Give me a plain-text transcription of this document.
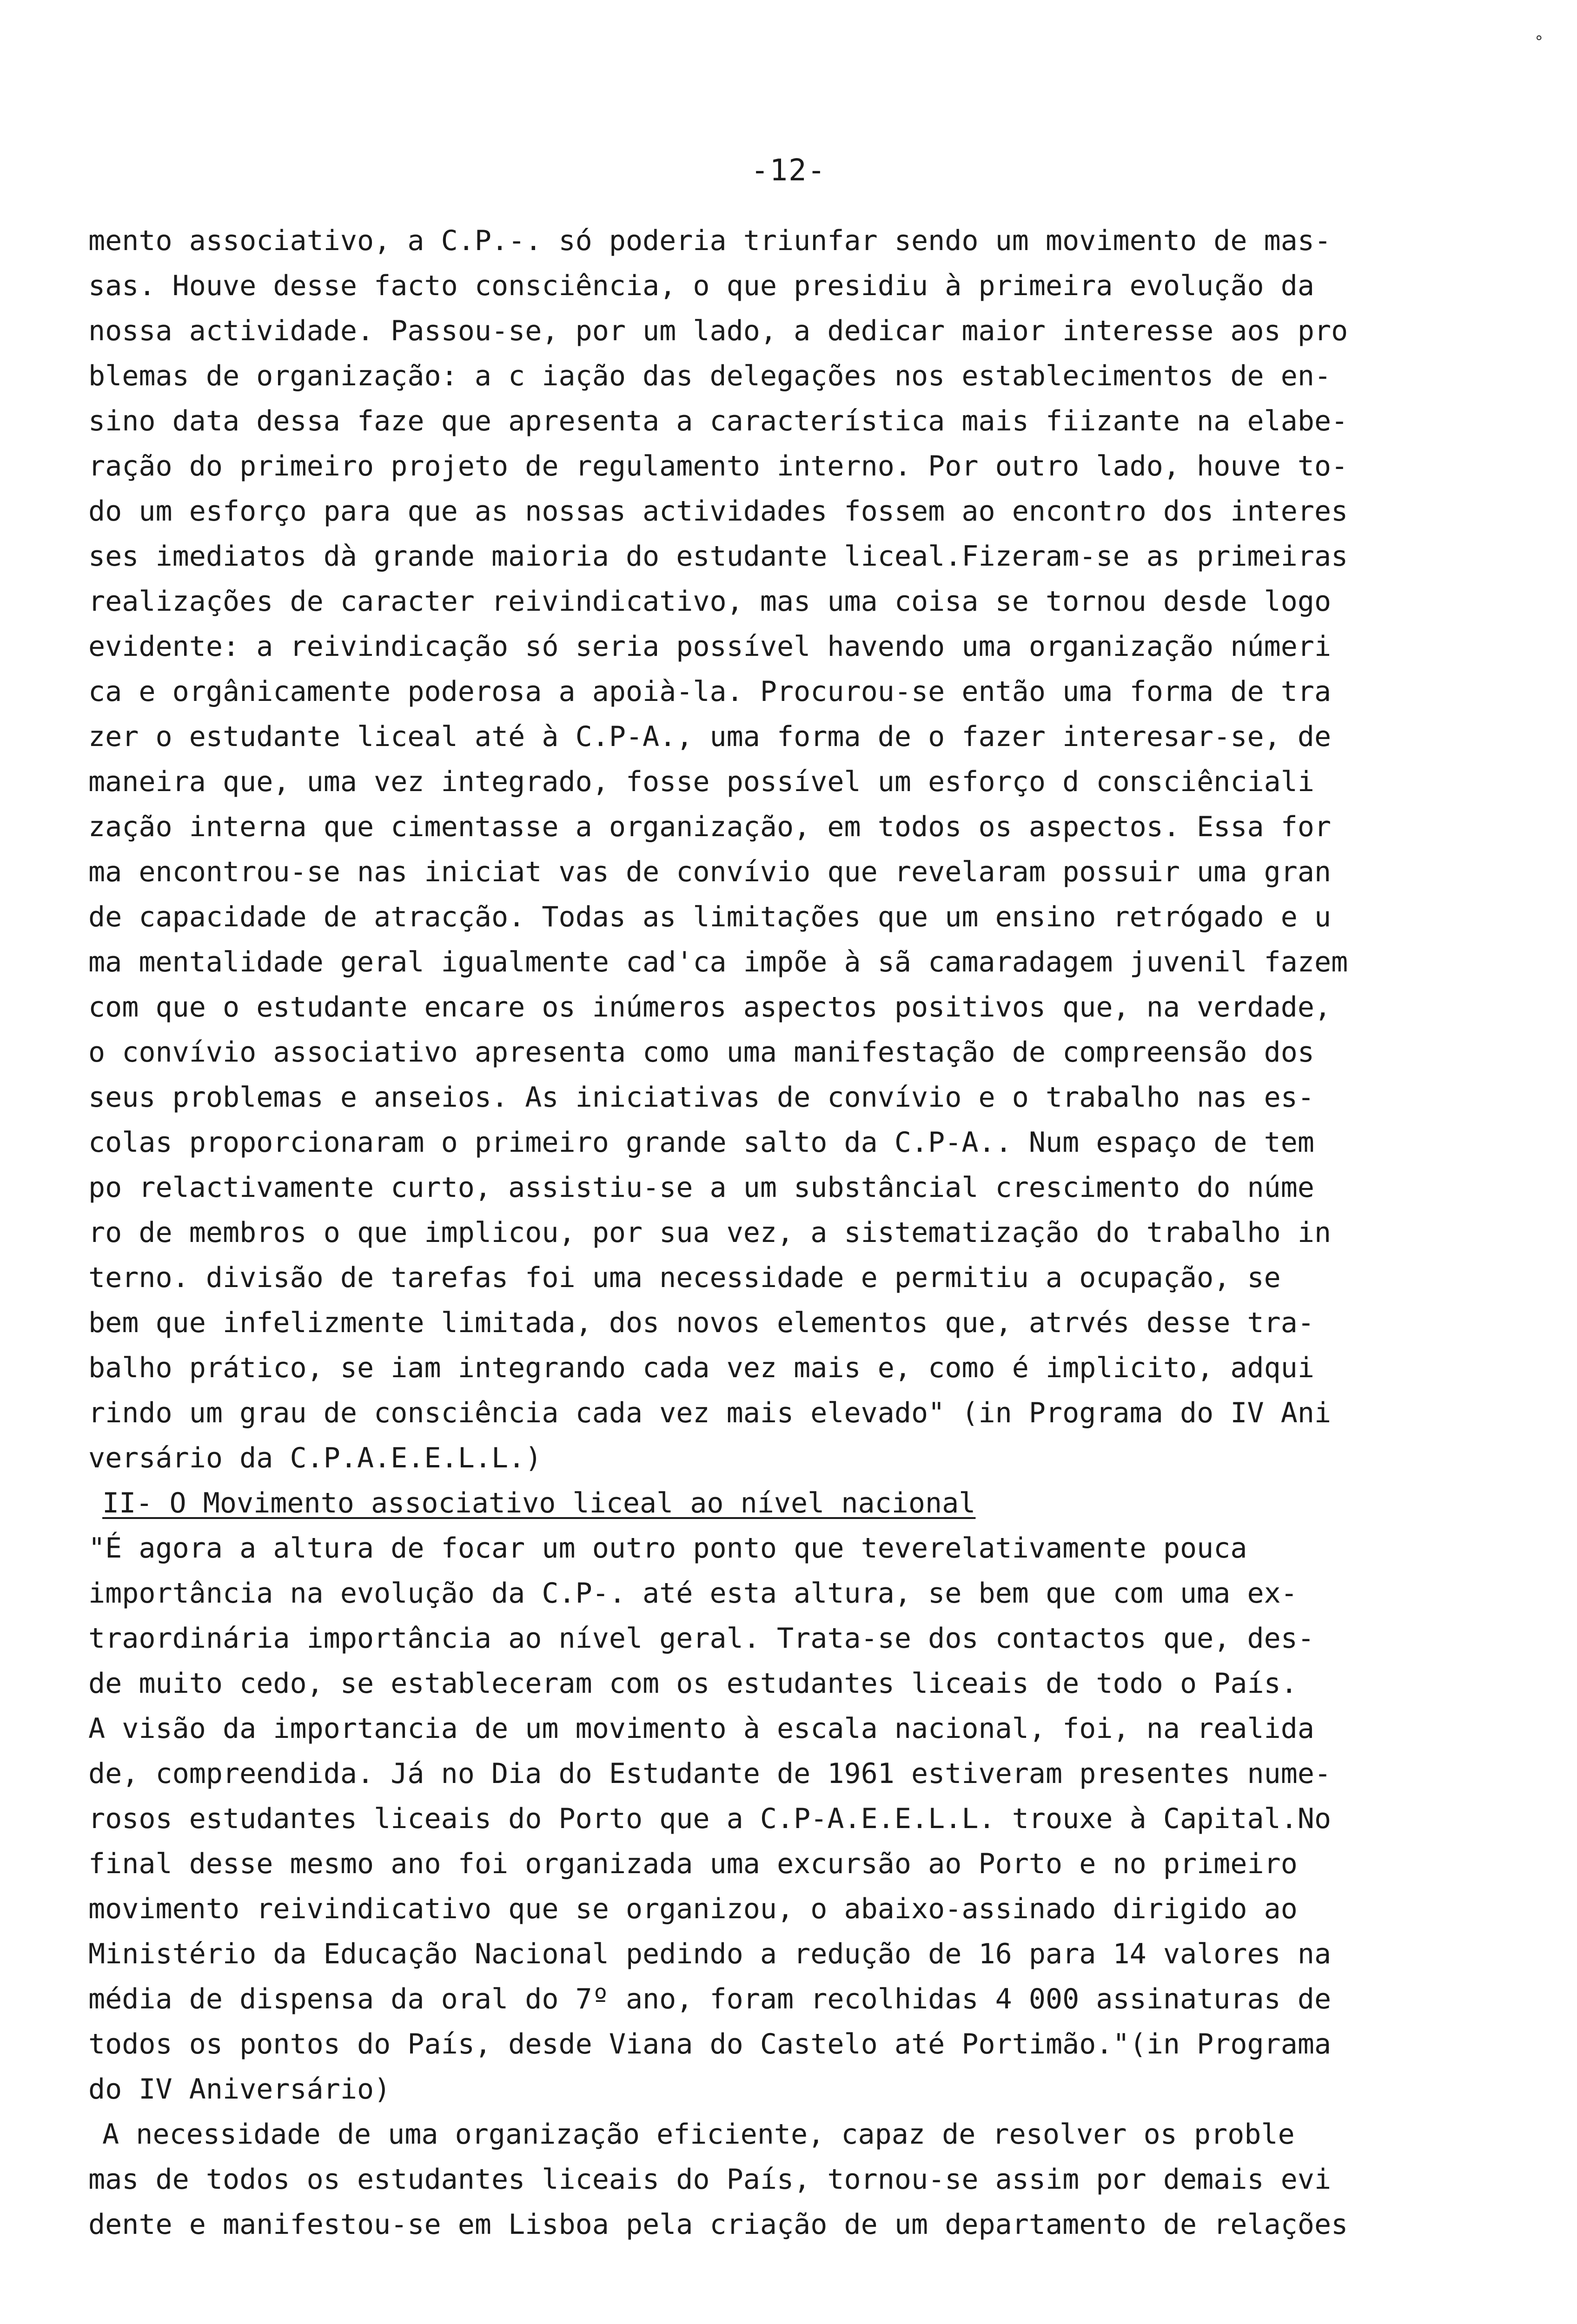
°
-12-
mento associativo, a C.P.-. só poderia triunfar sendo um movimento de mas-
sas. Houve desse facto consciência, o que presidiu à primeira evolução da
nossa actividade. Passou-se, por um lado, a dedicar maior interesse aos pro
blemas de organização: a c iação das delegações nos establecimentos de en-
sino data dessa faze que apresenta a característica mais fiizante na elabe-
ração do primeiro projeto de regulamento interno. Por outro lado, houve to-
do um esforço para que as nossas actividades fossem ao encontro dos interes
ses imediatos dà grande maioria do estudante liceal.Fizeram-se as primeiras
realizações de caracter reivindicativo, mas uma coisa se tornou desde logo
evidente: a reivindicação só seria possível havendo uma organização númeri
ca e orgânicamente poderosa a apoià-la. Procurou-se então uma forma de tra
zer o estudante liceal até à C.P-A., uma forma de o fazer interesar-se, de
maneira que, uma vez integrado, fosse possível um esforço d consciênciali
zação interna que cimentasse a organização, em todos os aspectos. Essa for
ma encontrou-se nas iniciat vas de convívio que revelaram possuir uma gran
de capacidade de atracção. Todas as limitações que um ensino retrógado e u
ma mentalidade geral igualmente cad'ca impõe à sã camaradagem juvenil fazem
com que o estudante encare os inúmeros aspectos positivos que, na verdade,
o convívio associativo apresenta como uma manifestação de compreensão dos
seus problemas e anseios. As iniciativas de convívio e o trabalho nas es-
colas proporcionaram o primeiro grande salto da C.P-A.. Num espaço de tem
po relactivamente curto, assistiu-se a um substâncial crescimento do núme
ro de membros o que implicou, por sua vez, a sistematização do trabalho in
terno. divisão de tarefas foi uma necessidade e permitiu a ocupação, se
bem que infelizmente limitada, dos novos elementos que, atrvés desse tra-
balho prático, se iam integrando cada vez mais e, como é implicito, adqui
rindo um grau de consciência cada vez mais elevado" (in Programa do IV Ani
versário da C.P.A.E.E.L.L.)
II- O Movimento associativo liceal ao nível nacional
"É agora a altura de focar um outro ponto que teverelativamente pouca
importância na evolução da C.P-. até esta altura, se bem que com uma ex-
traordinária importância ao nível geral. Trata-se dos contactos que, des-
de muito cedo, se estableceram com os estudantes liceais de todo o País.
A visão da importancia de um movimento à escala nacional, foi, na realida
de, compreendida. Já no Dia do Estudante de 1961 estiveram presentes nume-
rosos estudantes liceais do Porto que a C.P-A.E.E.L.L. trouxe à Capital.No
final desse mesmo ano foi organizada uma excursão ao Porto e no primeiro
movimento reivindicativo que se organizou, o abaixo-assinado dirigido ao
Ministério da Educação Nacional pedindo a redução de 16 para 14 valores na
média de dispensa da oral do 7º ano, foram recolhidas 4 000 assinaturas de
todos os pontos do País, desde Viana do Castelo até Portimão."(in Programa
do IV Aniversário)
A necessidade de uma organização eficiente, capaz de resolver os proble
mas de todos os estudantes liceais do País, tornou-se assim por demais evi
dente e manifestou-se em Lisboa pela criação de um departamento de relações
